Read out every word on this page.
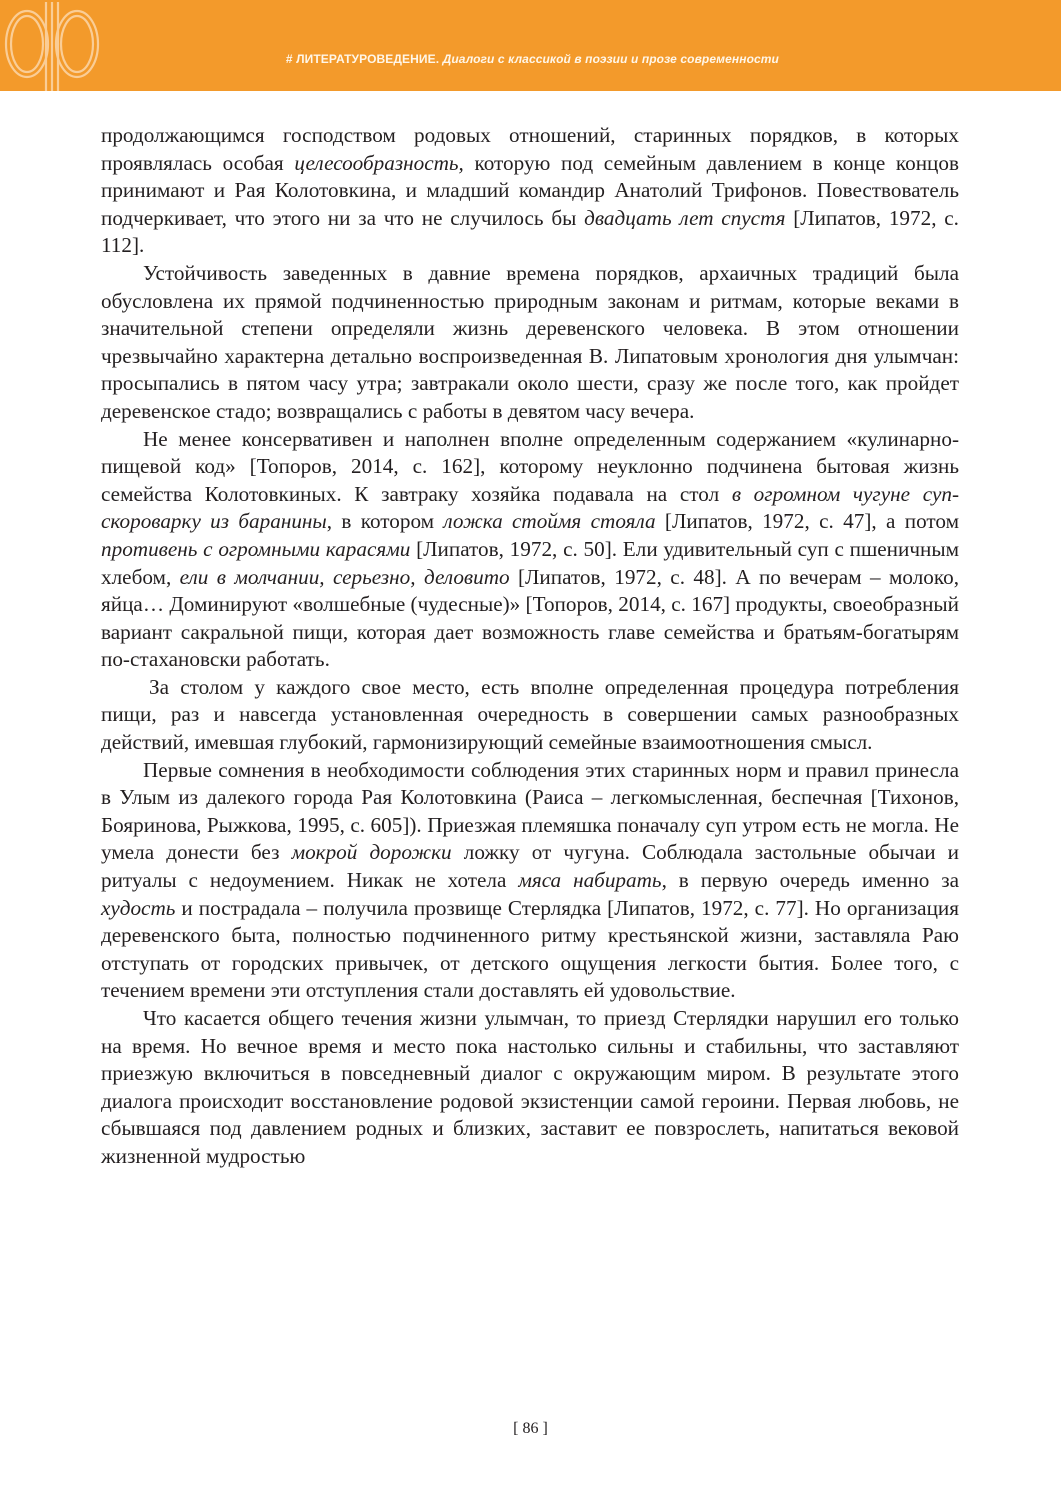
# ЛИТЕРАТУРОВЕДЕНИЕ. Диалоги с классикой в поэзии и прозе современности

продолжающимся господством родовых отношений, старинных порядков, в которых проявлялась особая целесообразность, которую под семейным давлением в конце концов принимают и Рая Колотовкина, и младший командир Анатолий Трифонов. Повествователь подчеркивает, что этого ни за что не случилось бы двадцать лет спустя [Липатов, 1972, с. 112].

Устойчивость заведенных в давние времена порядков, архаичных традиций была обусловлена их прямой подчиненностью природным законам и ритмам, которые веками в значительной степени определяли жизнь деревенского человека. В этом отношении чрезвычайно характерна детально воспроизведенная В. Липатовым хронология дня улымчан: просыпались в пятом часу утра; завтракали около шести, сразу же после того, как пройдет деревенское стадо; возвращались с работы в девятом часу вечера.

Не менее консервативен и наполнен вполне определенным содержанием «кулинарно-пищевой код» [Топоров, 2014, с. 162], которому неуклонно подчинена бытовая жизнь семейства Колотовкиных. К завтраку хозяйка подавала на стол в огромном чугуне суп-скороварку из баранины, в котором ложка стоймя стояла [Липатов, 1972, с. 47], а потом противень с огромными карасями [Липатов, 1972, с. 50]. Ели удивительный суп с пшеничным хлебом, ели в молчании, серьезно, деловито [Липатов, 1972, с. 48]. А по вечерам – молоко, яйца… Доминируют «волшебные (чудесные)» [Топоров, 2014, с. 167] продукты, своеобразный вариант сакральной пищи, которая дает возможность главе семейства и братьям-богатырям по-стахановски работать.

За столом у каждого свое место, есть вполне определенная процедура потребления пищи, раз и навсегда установленная очередность в совершении самых разнообразных действий, имевшая глубокий, гармонизирующий семейные взаимоотношения смысл.

Первые сомнения в необходимости соблюдения этих старинных норм и правил принесла в Улым из далекого города Рая Колотовкина (Раиса – легкомысленная, беспечная [Тихонов, Бояринова, Рыжкова, 1995, с. 605]). Приезжая племяшка поначалу суп утром есть не могла. Не умела донести без мокрой дорожки ложку от чугуна. Соблюдала застольные обычаи и ритуалы с недоумением. Никак не хотела мяса набирать, в первую очередь именно за худость и пострадала – получила прозвище Стерлядка [Липатов, 1972, с. 77]. Но организация деревенского быта, полностью подчиненного ритму крестьянской жизни, заставляла Раю отступать от городских привычек, от детского ощущения легкости бытия. Более того, с течением времени эти отступления стали доставлять ей удовольствие.

Что касается общего течения жизни улымчан, то приезд Стерлядки нарушил его только на время. Но вечное время и место пока настолько сильны и стабильны, что заставляют приезжую включиться в повседневный диалог с окружающим миром. В результате этого диалога происходит восстановление родовой экзистенции самой героини. Первая любовь, не сбывшаяся под давлением родных и близких, заставит ее повзрослеть, напитаться вековой жизненной мудростью

[ 86 ]
